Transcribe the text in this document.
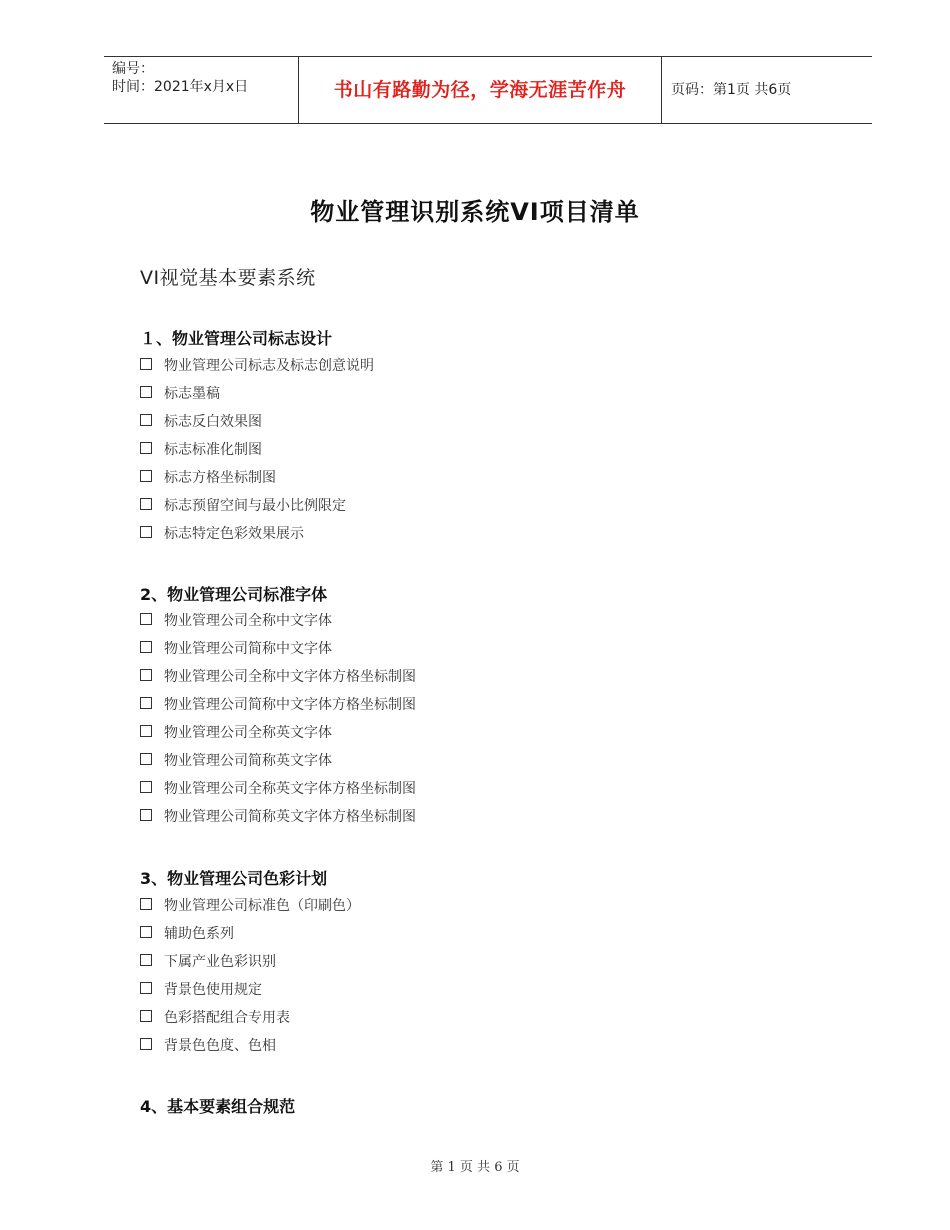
编号：
时间：2021年x月x日	书山有路勤为径，学海无涯苦作舟	页码：第1页 共6页
物业管理识别系统VI项目清单
VI视觉基本要素系统
１、物业管理公司标志设计
物业管理公司标志及标志创意说明
标志墨稿
标志反白效果图
标志标准化制图
标志方格坐标制图
标志预留空间与最小比例限定
标志特定色彩效果展示
2、物业管理公司标准字体
物业管理公司全称中文字体
物业管理公司简称中文字体
物业管理公司全称中文字体方格坐标制图
物业管理公司简称中文字体方格坐标制图
物业管理公司全称英文字体
物业管理公司简称英文字体
物业管理公司全称英文字体方格坐标制图
物业管理公司简称英文字体方格坐标制图
3、物业管理公司色彩计划
物业管理公司标准色（印刷色）
辅助色系列
下属产业色彩识别
背景色使用规定
色彩搭配组合专用表
背景色色度、色相
4、基本要素组合规范
第 1 页 共 6 页
